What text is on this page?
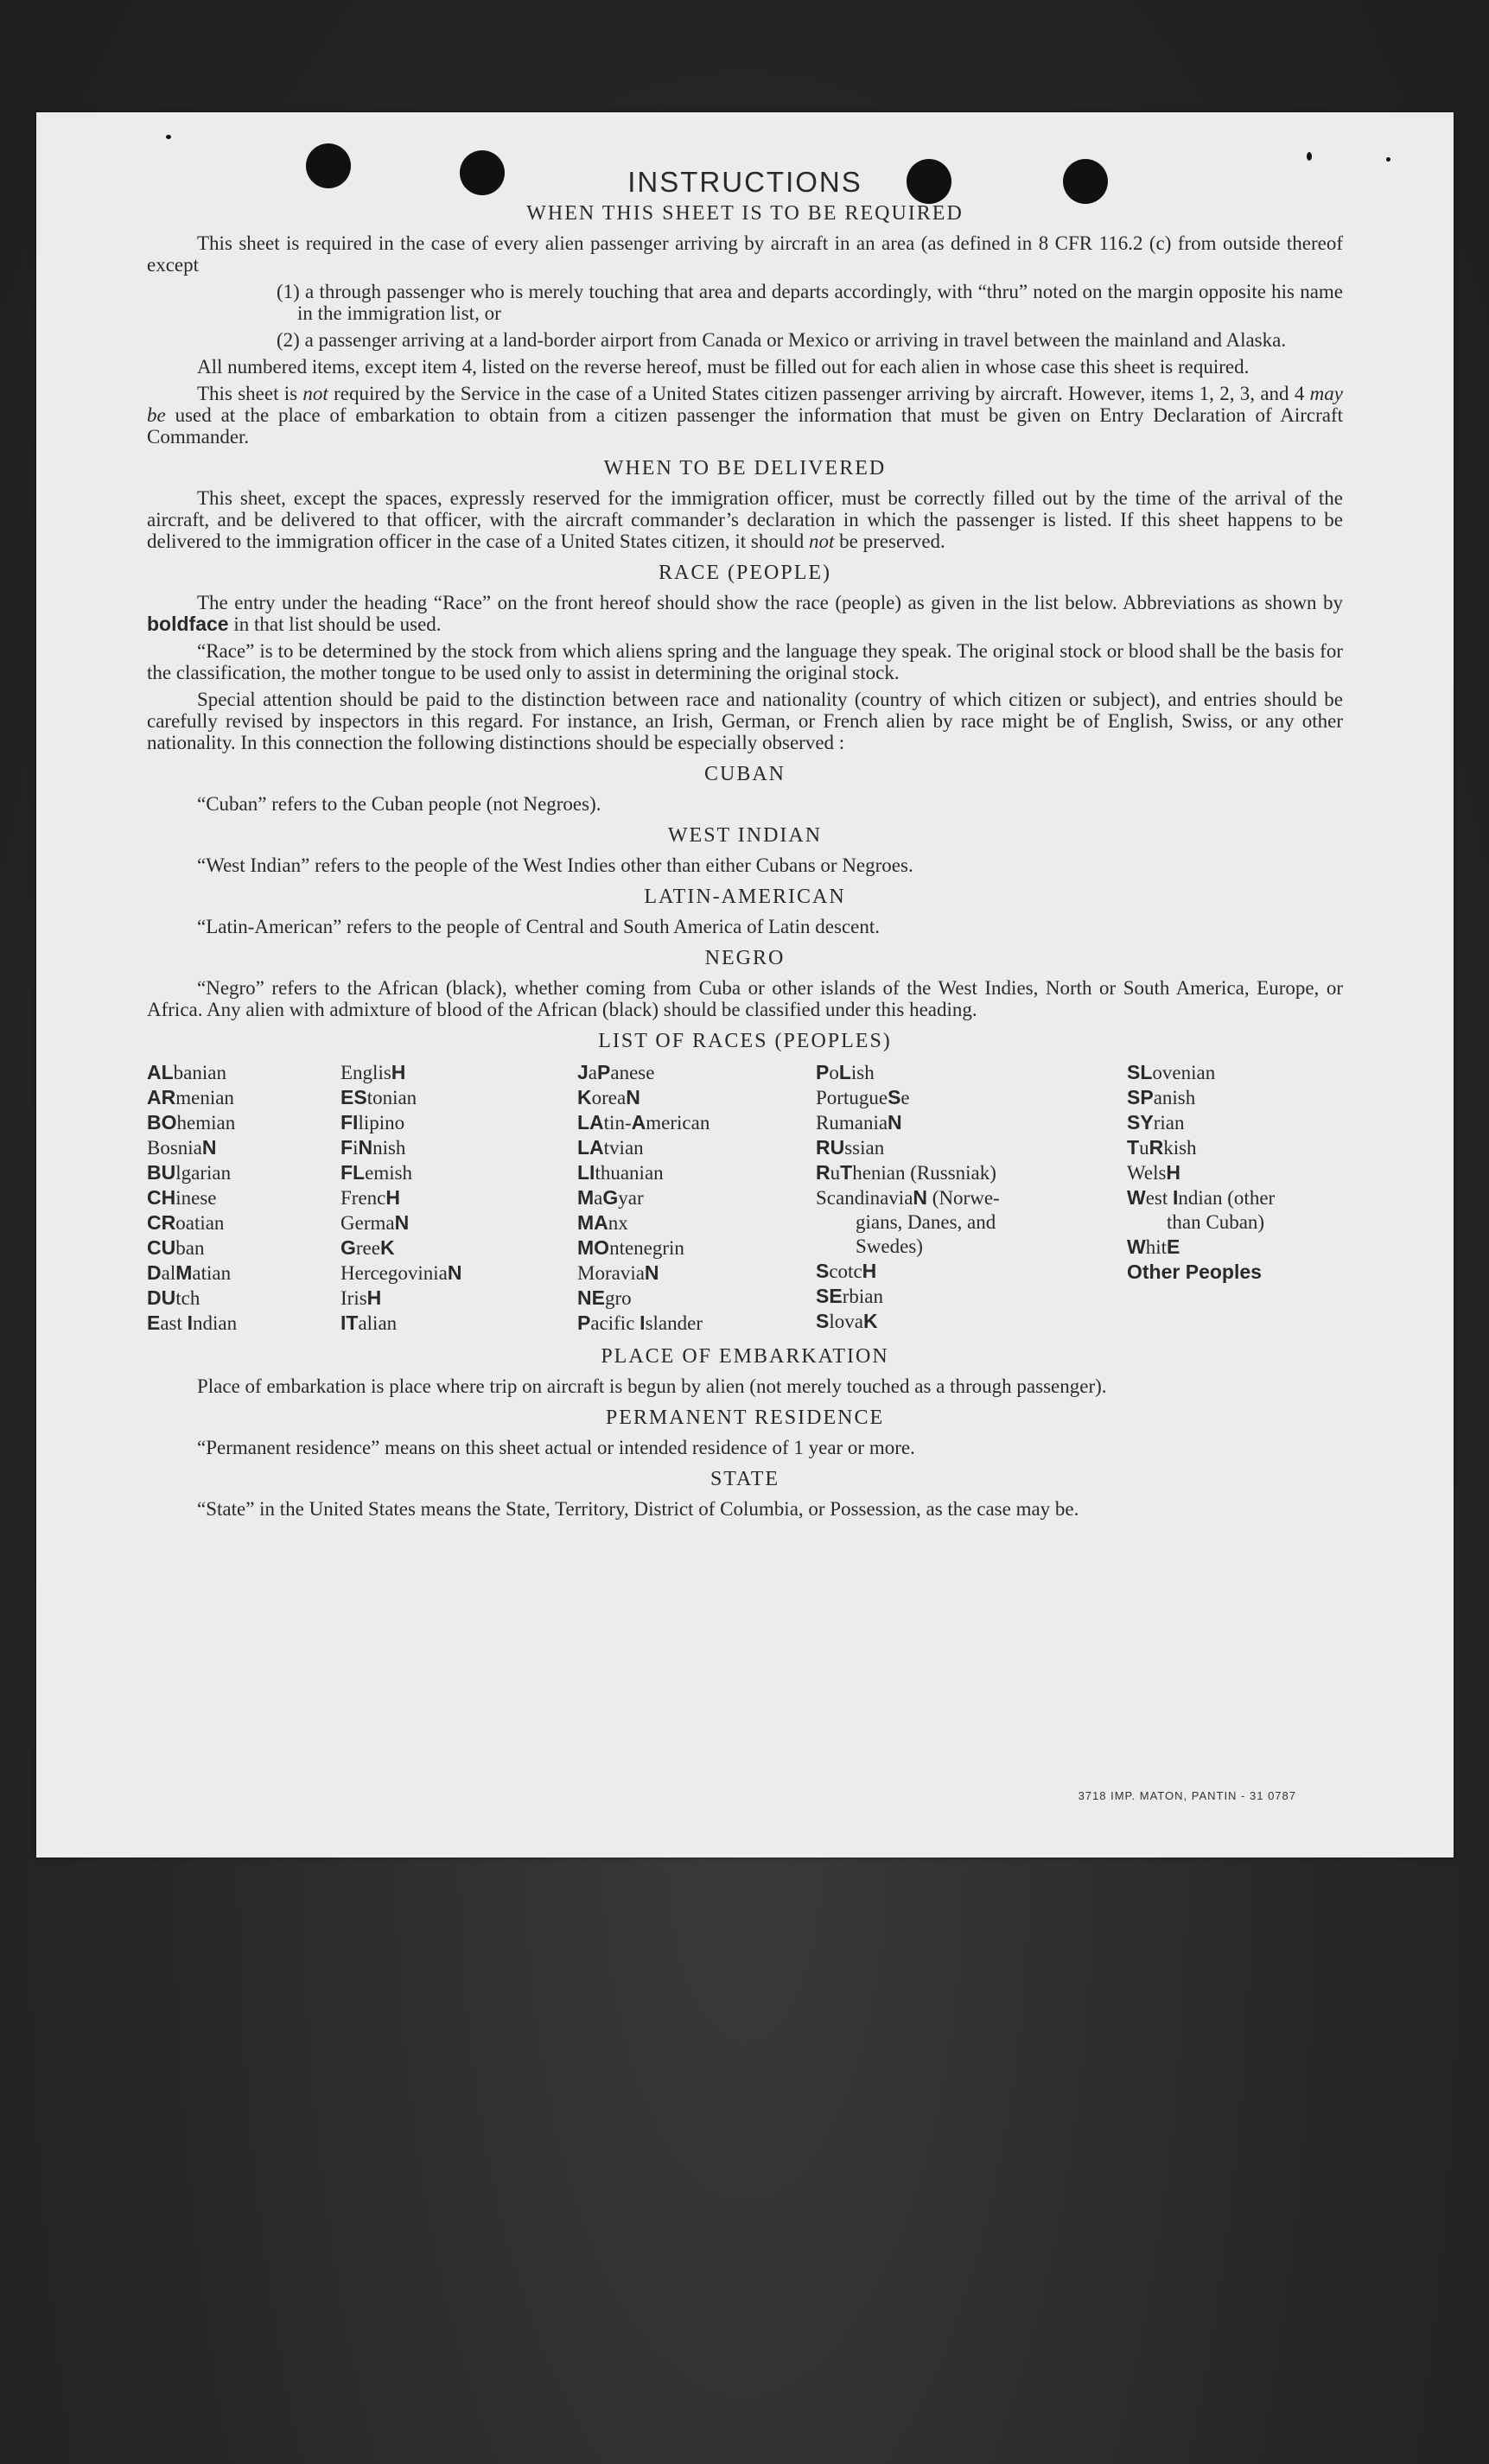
INSTRUCTIONS
WHEN THIS SHEET IS TO BE REQUIRED

This sheet is required in the case of every alien passenger arriving by aircraft in an area (as defined in 8 CFR 116.2 (c) from outside thereof except

(1) a through passenger who is merely touching that area and departs accordingly, with “thru” noted on the margin opposite his name in the immigration list, or

(2) a passenger arriving at a land-border airport from Canada or Mexico or arriving in travel between the mainland and Alaska.

All numbered items, except item 4, listed on the reverse hereof, must be filled out for each alien in whose case this sheet is required.

This sheet is not required by the Service in the case of a United States citizen passenger arriving by aircraft. However, items 1, 2, 3, and 4 may be used at the place of embarkation to obtain from a citizen passenger the information that must be given on Entry Declaration of Aircraft Commander.

WHEN TO BE DELIVERED

This sheet, except the spaces, expressly reserved for the immigration officer, must be correctly filled out by the time of the arrival of the aircraft, and be delivered to that officer, with the aircraft commander’s declaration in which the passenger is listed. If this sheet happens to be delivered to the immigration officer in the case of a United States citizen, it should not be preserved.

RACE (PEOPLE)

The entry under the heading “Race” on the front hereof should show the race (people) as given in the list below. Abbreviations as shown by boldface in that list should be used.

“Race” is to be determined by the stock from which aliens spring and the language they speak. The original stock or blood shall be the basis for the classification, the mother tongue to be used only to assist in determining the original stock.

Special attention should be paid to the distinction between race and nationality (country of which citizen or subject), and entries should be carefully revised by inspectors in this regard. For instance, an Irish, German, or French alien by race might be of English, Swiss, or any other nationality. In this connection the following distinctions should be especially observed :

CUBAN

“Cuban” refers to the Cuban people (not Negroes).

WEST INDIAN

“West Indian” refers to the people of the West Indies other than either Cubans or Negroes.

LATIN-AMERICAN

“Latin-American” refers to the people of Central and South America of Latin descent.

NEGRO

“Negro” refers to the African (black), whether coming from Cuba or other islands of the West Indies, North or South America, Europe, or Africa. Any alien with admixture of blood of the African (black) should be classified under this heading.

LIST OF RACES (PEOPLES)
ALbanian
ARmenian
BOhemian
BosniaN
BUlgarian
CHinese
CRoatian
CUban
DalMatian
DUtch
East Indian
EnglisH
EStonian
FIlipino
FiNnish
FLemish
FrencH
GermaN
GreeK
HercegoviniaN
IrisH
ITalian
JaPanese
KoreaN
LAtin-American
LAtvian
LIthuanian
MaGyar
MAnx
MOntenegrin
MoraviaN
NEgro
Pacific Islander
PoLish
PortugueSe
RumaniaN
RUssian
RuThenian (Russniak)
ScandinaviaN (Norwe-
gians, Danes, and
Swedes)
ScotcH
SErbian
SlovaK
SLovenian
SPanish
SYrian
TuRkish
WelsH
West Indian (other
than Cuban)
WhitE
Other Peoples
PLACE OF EMBARKATION

Place of embarkation is place where trip on aircraft is begun by alien (not merely touched as a through passenger).

PERMANENT RESIDENCE

“Permanent residence” means on this sheet actual or intended residence of 1 year or more.

STATE

“State” in the United States means the State, Territory, District of Columbia, or Possession, as the case may be.

3718 IMP. MATON, PANTIN - 31 0787
